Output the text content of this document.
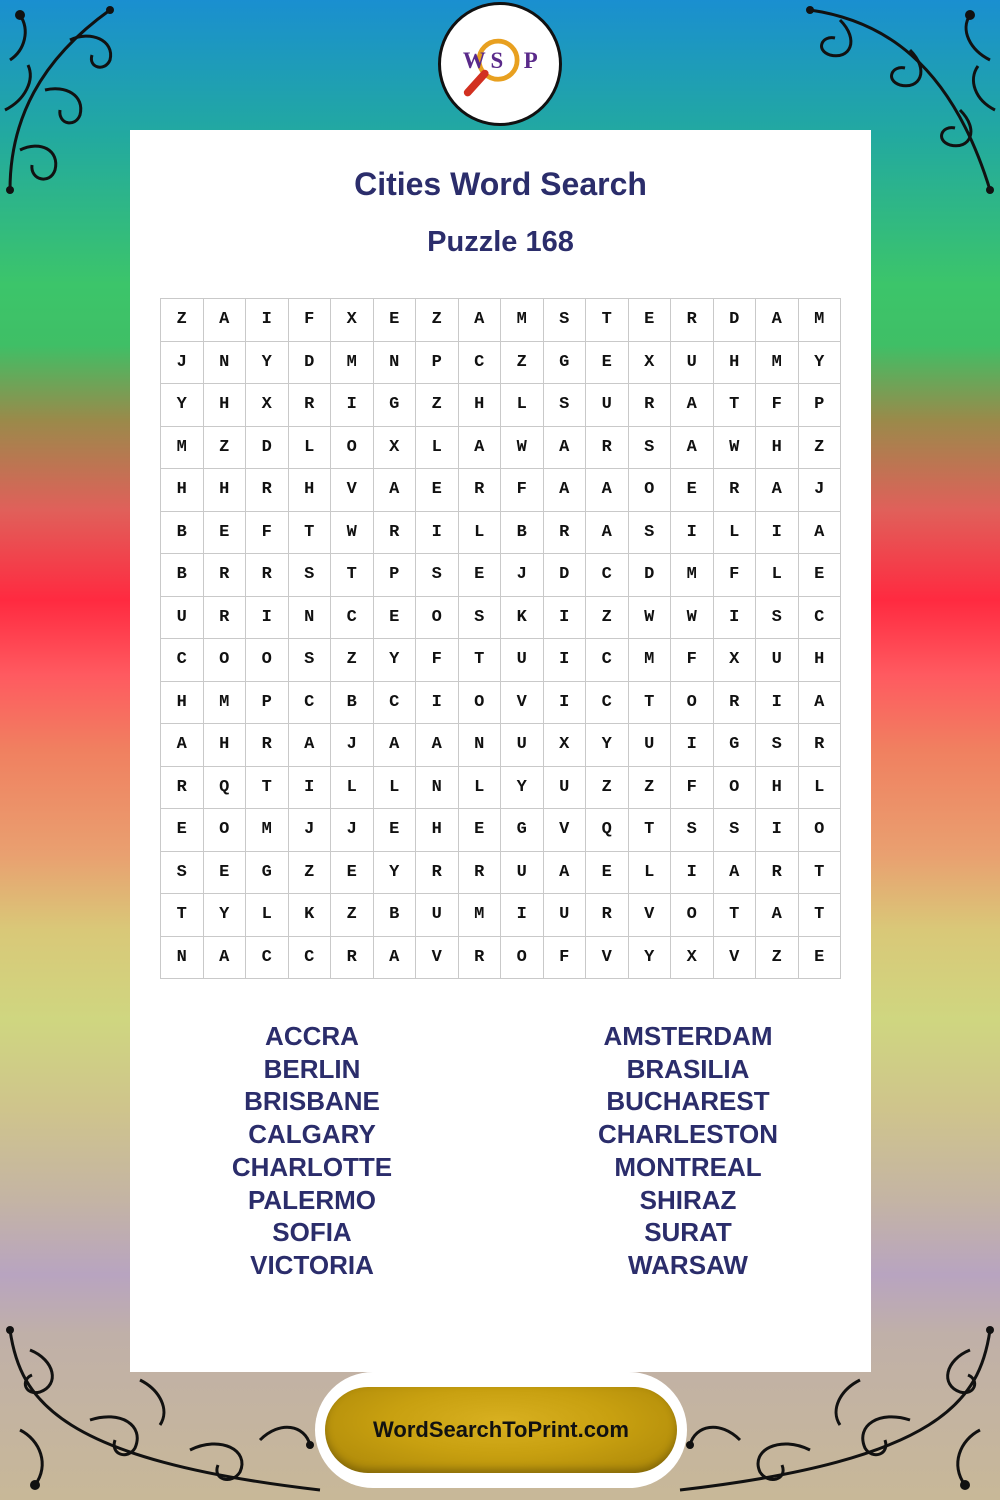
W S P
Cities Word Search
Puzzle 168
Z	A	I	F	X	E	Z	A	M	S	T	E	R	D	A	M
J	N	Y	D	M	N	P	C	Z	G	E	X	U	H	M	Y
Y	H	X	R	I	G	Z	H	L	S	U	R	A	T	F	P
M	Z	D	L	O	X	L	A	W	A	R	S	A	W	H	Z
H	H	R	H	V	A	E	R	F	A	A	O	E	R	A	J
B	E	F	T	W	R	I	L	B	R	A	S	I	L	I	A
B	R	R	S	T	P	S	E	J	D	C	D	M	F	L	E
U	R	I	N	C	E	O	S	K	I	Z	W	W	I	S	C
C	O	O	S	Z	Y	F	T	U	I	C	M	F	X	U	H
H	M	P	C	B	C	I	O	V	I	C	T	O	R	I	A
A	H	R	A	J	A	A	N	U	X	Y	U	I	G	S	R
R	Q	T	I	L	L	N	L	Y	U	Z	Z	F	O	H	L
E	O	M	J	J	E	H	E	G	V	Q	T	S	S	I	O
S	E	G	Z	E	Y	R	R	U	A	E	L	I	A	R	T
T	Y	L	K	Z	B	U	M	I	U	R	V	O	T	A	T
N	A	C	C	R	A	V	R	O	F	V	Y	X	V	Z	E
ACCRA
BERLIN
BRISBANE
CALGARY
CHARLOTTE
PALERMO
SOFIA
VICTORIA
AMSTERDAM
BRASILIA
BUCHAREST
CHARLESTON
MONTREAL
SHIRAZ
SURAT
WARSAW
WordSearchToPrint.com
